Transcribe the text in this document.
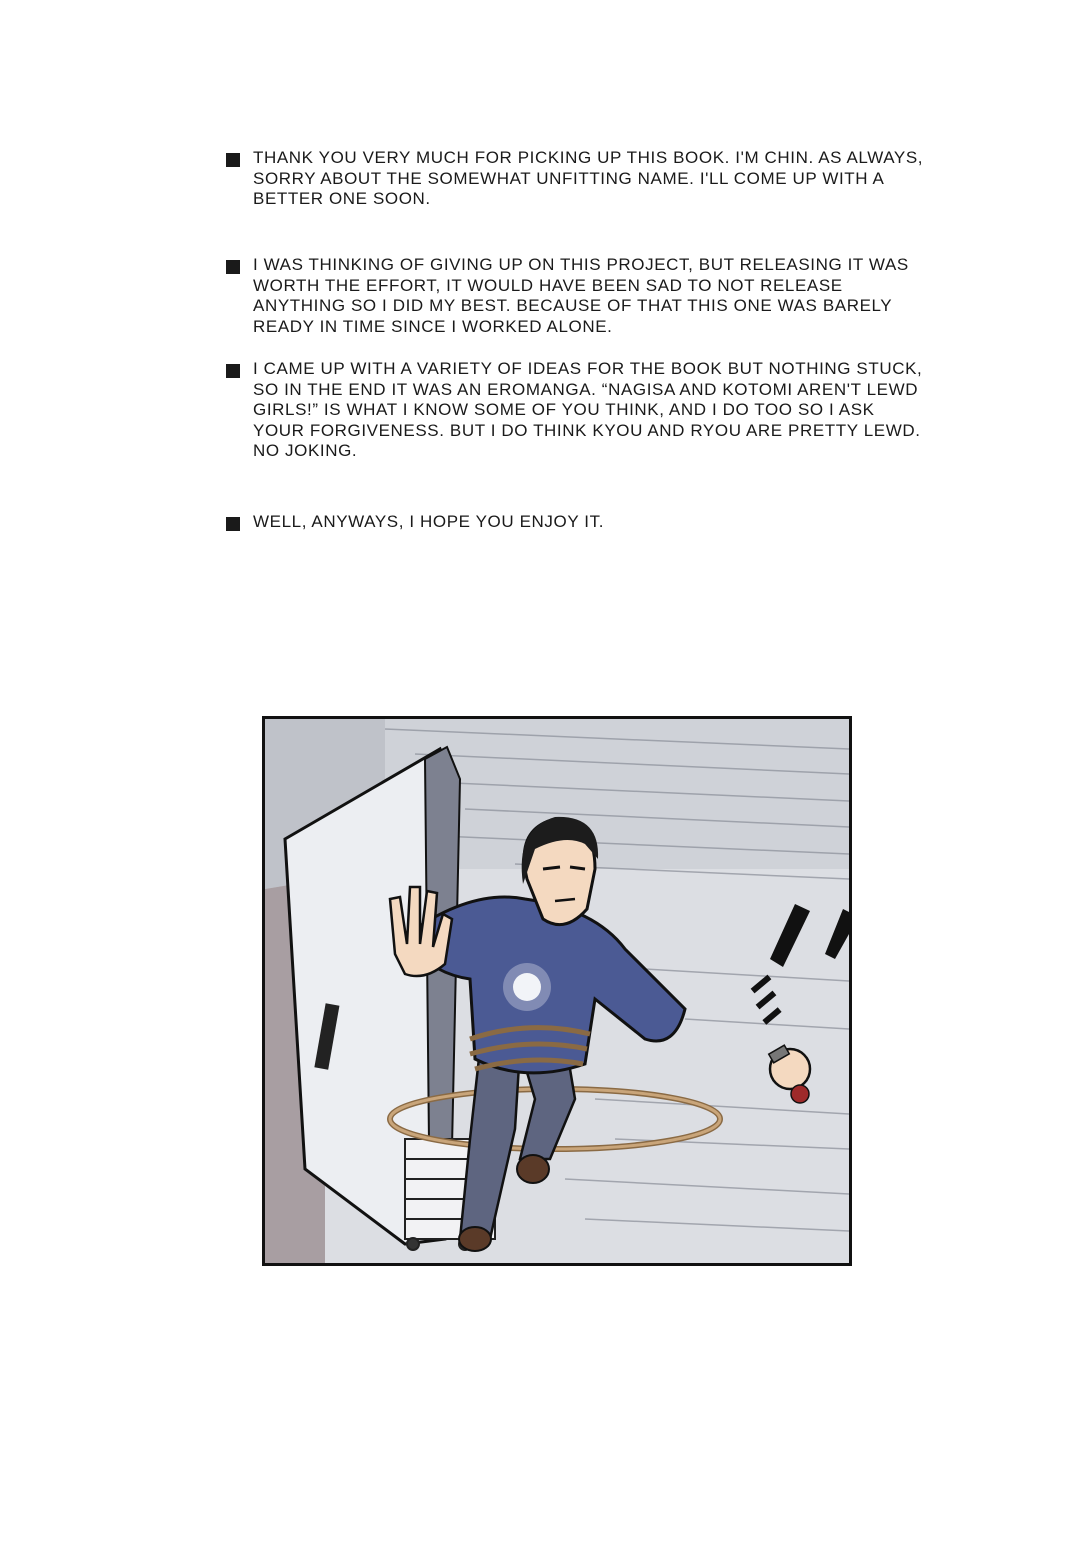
THANK YOU VERY MUCH FOR PICKING UP THIS BOOK. I'M CHIN. AS ALWAYS, SORRY ABOUT THE SOMEWHAT UNFITTING NAME. I'LL COME UP WITH A BETTER ONE SOON.
I WAS THINKING OF GIVING UP ON THIS PROJECT, BUT RELEASING IT WAS WORTH THE EFFORT, IT WOULD HAVE BEEN SAD TO NOT RELEASE ANYTHING SO I DID MY BEST. BECAUSE OF THAT THIS ONE WAS BARELY READY IN TIME SINCE I WORKED ALONE.
I CAME UP WITH A VARIETY OF IDEAS FOR THE BOOK BUT NOTHING STUCK, SO IN THE END IT WAS AN EROMANGA. “NAGISA AND KOTOMI AREN'T LEWD GIRLS!” IS WHAT I KNOW SOME OF YOU THINK, AND I DO TOO SO I ASK YOUR FORGIVENESS. BUT I DO THINK KYOU AND RYOU ARE PRETTY LEWD. NO JOKING.
WELL, ANYWAYS, I HOPE YOU ENJOY IT.
